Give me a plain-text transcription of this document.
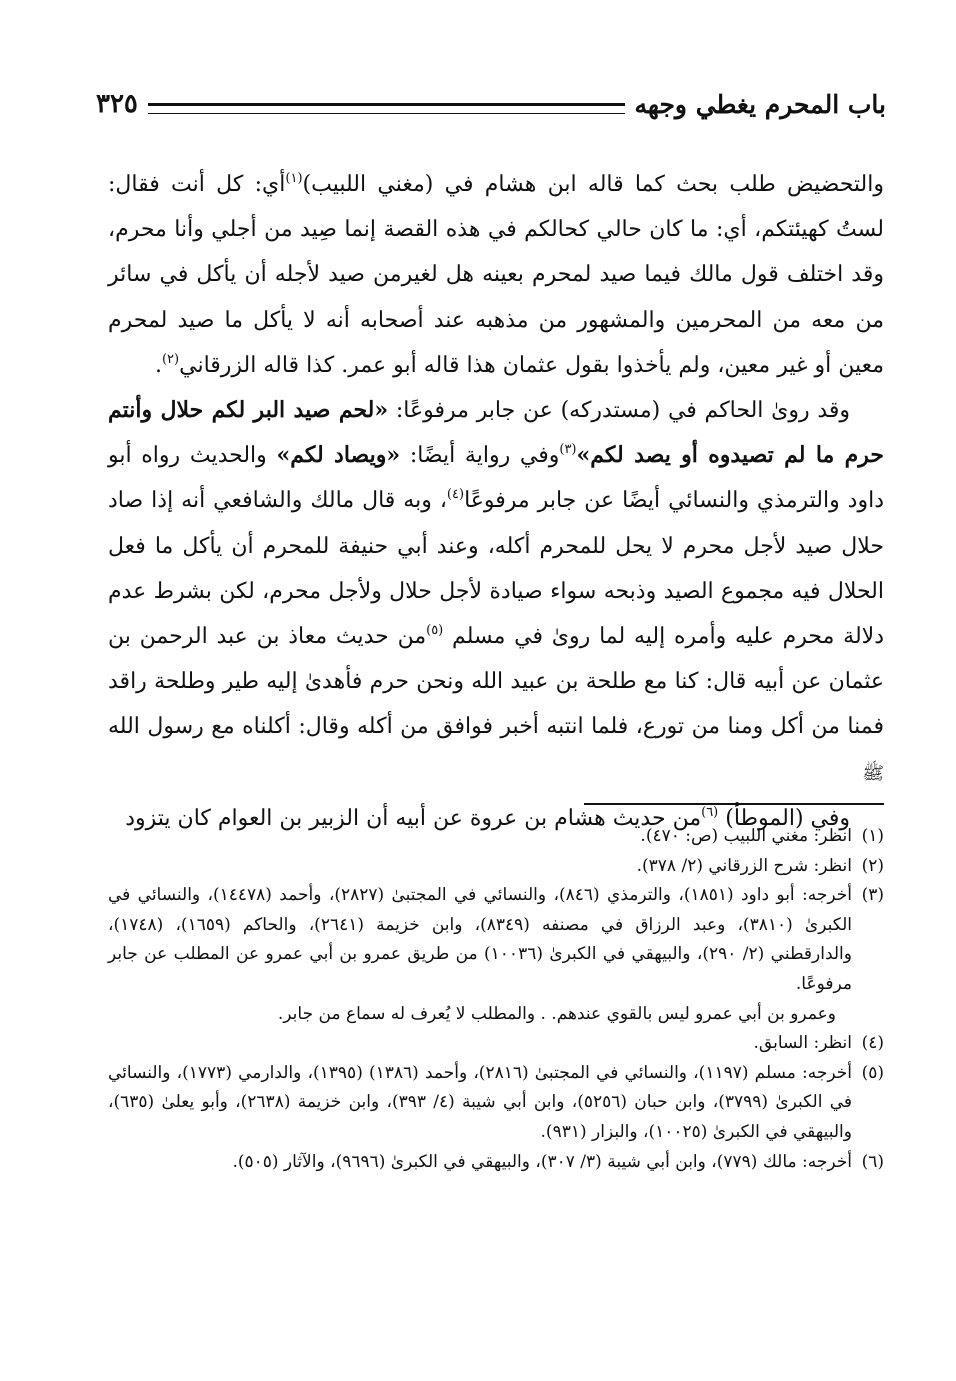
باب المحرم يغطي وجهه
٣٢٥

والتحضيض طلب بحث كما قاله ابن هشام في (مغني اللبيب)$^{(١)}$أي: كل أنت فقال: لستُ كهيئتكم، أي: ما كان حالي كحالكم في هذه القصة إنما صِيد من أجلي وأنا محرم، وقد اختلف قول مالك فيما صيد لمحرم بعينه هل لغيرمن صيد لأجله أن يأكل في سائر من معه من المحرمين والمشهور من مذهبه عند أصحابه أنه لا يأكل ما صيد لمحرم معين أو غير معين، ولم يأخذوا بقول عثمان هذا قاله أبو عمر. كذا قاله الزرقاني$^{(٢)}$.

وقد روىٰ الحاكم في (مستدركه) عن جابر مرفوعًا: «لحم صيد البر لكم حلال وأنتم حرم ما لم تصيدوه أو يصد لكم»$^{(٣)}$وفي رواية أيضًا: «ويصاد لكم» والحديث رواه أبو داود والترمذي والنسائي أيضًا عن جابر مرفوعًا$^{(٤)}$، وبه قال مالك والشافعي أنه إذا صاد حلال صيد لأجل محرم لا يحل للمحرم أكله، وعند أبي حنيفة للمحرم أن يأكل ما فعل الحلال فيه مجموع الصيد وذبحه سواء صيادة لأجل حلال ولأجل محرم، لكن بشرط عدم دلالة محرم عليه وأمره إليه لما روىٰ في مسلم $^{(٥)}$من حديث معاذ بن عبد الرحمن بن عثمان عن أبيه قال: كنا مع طلحة بن عبيد الله ونحن حرم فأهدىٰ إليه طير وطلحة راقد فمنا من أكل ومنا من تورع، فلما انتبه أخبر فوافق من أكله وقال: أكلناه مع رسول الله ﷺ

وفي (الموطأ) $^{(٦)}$من حديث هشام بن عروة عن أبيه أن الزبير بن العوام كان يتزود

(١)
انظر: مغني اللبيب (ص: ٤٧٠).

(٢)
انظر: شرح الزرقاني (٢/ ٣٧٨).

(٣)
أخرجه: أبو داود (١٨٥١)، والترمذي (٨٤٦)، والنسائي في المجتبىٰ (٢٨٢٧)، وأحمد (١٤٤٧٨)، والنسائي في الكبرىٰ (٣٨١٠)، وعبد الرزاق في مصنفه (٨٣٤٩)، وابن خزيمة (٢٦٤١)، والحاكم (١٦٥٩)، (١٧٤٨)، والدارقطني (٢/ ٢٩٠)، والبيهقي في الكبرىٰ (١٠٠٣٦) من طريق عمرو بن أبي عمرو عن المطلب عن جابر مرفوعًا.

وعمرو بن أبي عمرو ليس بالقوي عندهم. . والمطلب لا يُعرف له سماع من جابر.

(٤)
انظر: السابق.

(٥)
أخرجه: مسلم (١١٩٧)، والنسائي في المجتبىٰ (٢٨١٦)، وأحمد (١٣٨٦) (١٣٩٥)، والدارمي (١٧٧٣)، والنسائي في الكبرىٰ (٣٧٩٩)، وابن حبان (٥٢٥٦)، وابن أبي شيبة (٤/ ٣٩٣)، وابن خزيمة (٢٦٣٨)، وأبو يعلىٰ (٦٣٥)، والبيهقي في الكبرىٰ (١٠٠٢٥)، والبزار (٩٣١).

(٦)
أخرجه: مالك (٧٧٩)، وابن أبي شيبة (٣/ ٣٠٧)، والبيهقي في الكبرىٰ (٩٦٩٦)، والآثار (٥٠٥).
